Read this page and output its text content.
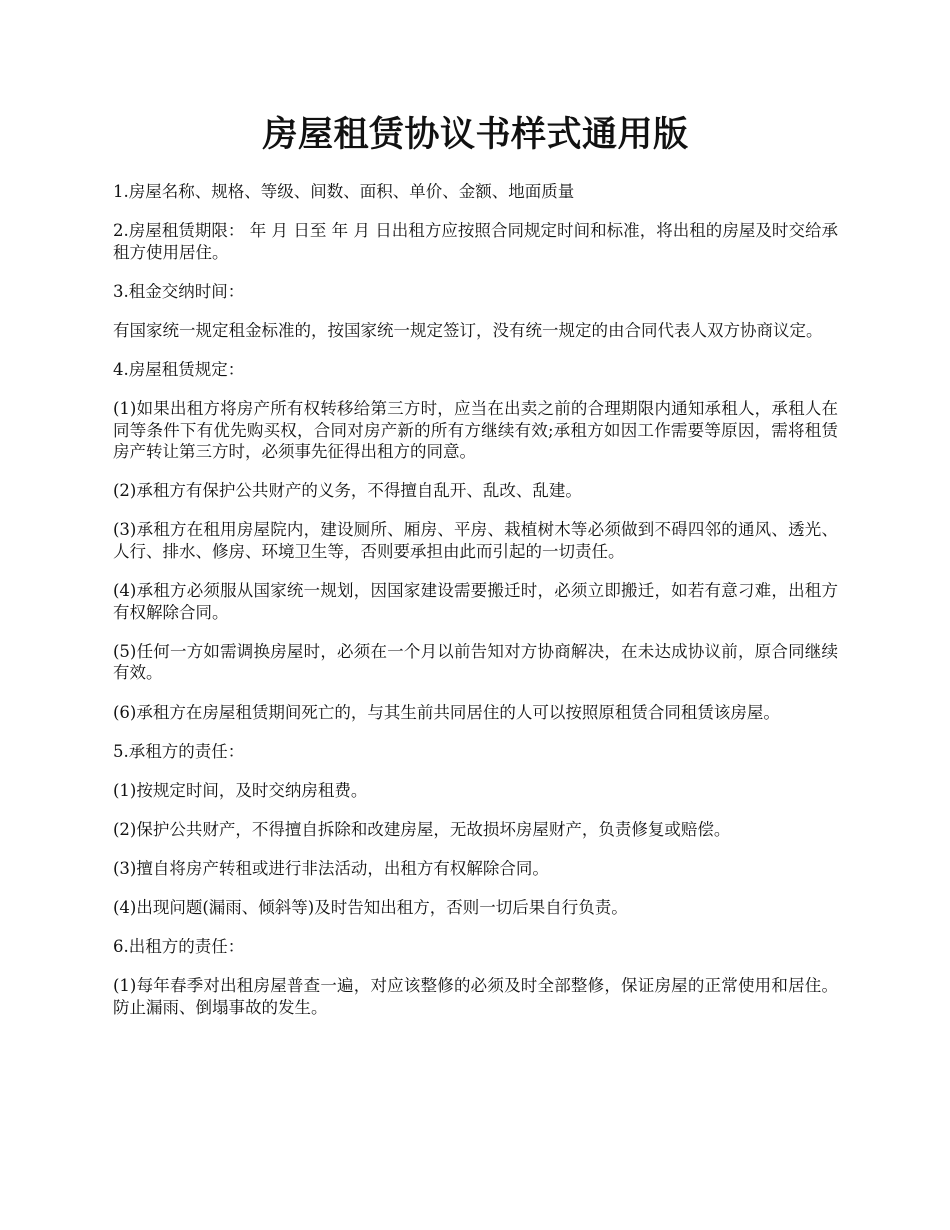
房屋租赁协议书样式通用版

1.房屋名称、规格、等级、间数、面积、单价、金额、地面质量

2.房屋租赁期限： 年 月 日至 年 月 日出租方应按照合同规定时间和标准，将出租的房屋及时交给承租方使用居住。

3.租金交纳时间：

有国家统一规定租金标准的，按国家统一规定签订，没有统一规定的由合同代表人双方协商议定。

4.房屋租赁规定：

(1)如果出租方将房产所有权转移给第三方时，应当在出卖之前的合理期限内通知承租人，承租人在同等条件下有优先购买权，合同对房产新的所有方继续有效;承租方如因工作需要等原因，需将租赁房产转让第三方时，必须事先征得出租方的同意。

(2)承租方有保护公共财产的义务，不得擅自乱开、乱改、乱建。

(3)承租方在租用房屋院内，建设厕所、厢房、平房、栽植树木等必须做到不碍四邻的通风、透光、人行、排水、修房、环境卫生等，否则要承担由此而引起的一切责任。

(4)承租方必须服从国家统一规划，因国家建设需要搬迁时，必须立即搬迁，如若有意刁难，出租方有权解除合同。

(5)任何一方如需调换房屋时，必须在一个月以前告知对方协商解决，在未达成协议前，原合同继续有效。

(6)承租方在房屋租赁期间死亡的，与其生前共同居住的人可以按照原租赁合同租赁该房屋。

5.承租方的责任：

(1)按规定时间，及时交纳房租费。

(2)保护公共财产，不得擅自拆除和改建房屋，无故损坏房屋财产，负责修复或赔偿。

(3)擅自将房产转租或进行非法活动，出租方有权解除合同。

(4)出现问题(漏雨、倾斜等)及时告知出租方，否则一切后果自行负责。

6.出租方的责任：

(1)每年春季对出租房屋普查一遍，对应该整修的必须及时全部整修，保证房屋的正常使用和居住。防止漏雨、倒塌事故的发生。
